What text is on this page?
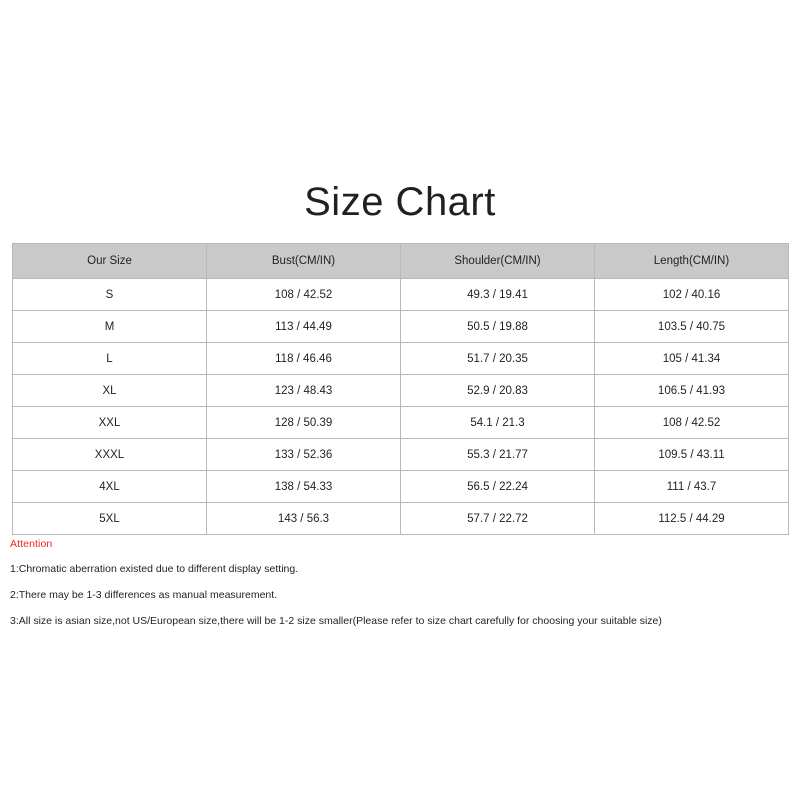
Size Chart
Our Size	Bust(CM/IN)	Shoulder(CM/IN)	Length(CM/IN)
S	108 / 42.52	49.3 / 19.41	102 / 40.16
M	113 / 44.49	50.5 / 19.88	103.5 / 40.75
L	118 / 46.46	51.7 / 20.35	105 / 41.34
XL	123 / 48.43	52.9 / 20.83	106.5 / 41.93
XXL	128 / 50.39	54.1 / 21.3	108 / 42.52
XXXL	133 / 52.36	55.3 / 21.77	109.5 / 43.11
4XL	138 / 54.33	56.5 / 22.24	111 / 43.7
5XL	143 / 56.3	57.7 / 22.72	112.5 / 44.29
Attention
1:Chromatic aberration existed due to different display setting.
2:There may be 1-3 differences as manual measurement.
3:All size is asian size,not US/European size,there will be 1-2 size smaller(Please refer to size chart carefully for choosing your suitable size)
